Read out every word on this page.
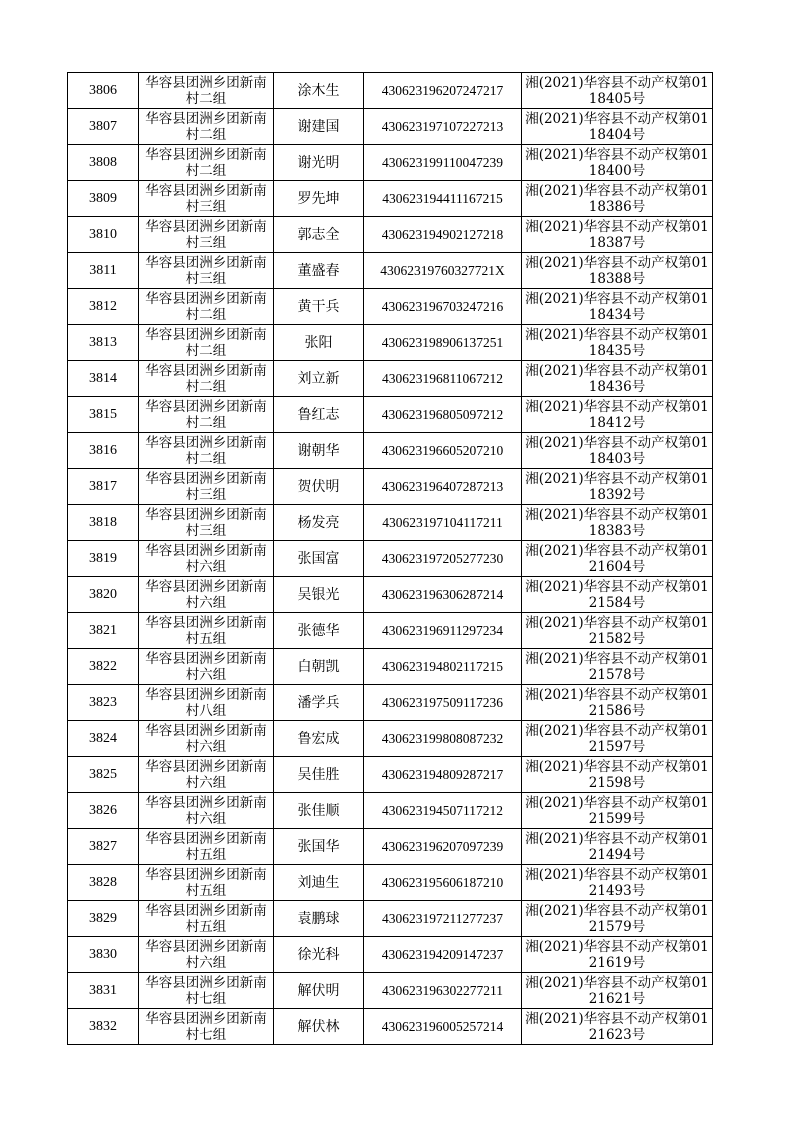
3806	华容县团洲乡团新南村二组	涂木生	430623196207247217	湘(2021)华容县不动产权第0118405号
3807	华容县团洲乡团新南村二组	谢建国	430623197107227213	湘(2021)华容县不动产权第0118404号
3808	华容县团洲乡团新南村二组	谢光明	430623199110047239	湘(2021)华容县不动产权第0118400号
3809	华容县团洲乡团新南村三组	罗先坤	430623194411167215	湘(2021)华容县不动产权第0118386号
3810	华容县团洲乡团新南村三组	郭志全	430623194902127218	湘(2021)华容县不动产权第0118387号
3811	华容县团洲乡团新南村三组	董盛春	43062319760327721X	湘(2021)华容县不动产权第0118388号
3812	华容县团洲乡团新南村二组	黄干兵	430623196703247216	湘(2021)华容县不动产权第0118434号
3813	华容县团洲乡团新南村二组	张阳	430623198906137251	湘(2021)华容县不动产权第0118435号
3814	华容县团洲乡团新南村二组	刘立新	430623196811067212	湘(2021)华容县不动产权第0118436号
3815	华容县团洲乡团新南村二组	鲁红志	430623196805097212	湘(2021)华容县不动产权第0118412号
3816	华容县团洲乡团新南村二组	谢朝华	430623196605207210	湘(2021)华容县不动产权第0118403号
3817	华容县团洲乡团新南村三组	贺伏明	430623196407287213	湘(2021)华容县不动产权第0118392号
3818	华容县团洲乡团新南村三组	杨发亮	430623197104117211	湘(2021)华容县不动产权第0118383号
3819	华容县团洲乡团新南村六组	张国富	430623197205277230	湘(2021)华容县不动产权第0121604号
3820	华容县团洲乡团新南村六组	吴银光	430623196306287214	湘(2021)华容县不动产权第0121584号
3821	华容县团洲乡团新南村五组	张德华	430623196911297234	湘(2021)华容县不动产权第0121582号
3822	华容县团洲乡团新南村六组	白朝凯	430623194802117215	湘(2021)华容县不动产权第0121578号
3823	华容县团洲乡团新南村八组	潘学兵	430623197509117236	湘(2021)华容县不动产权第0121586号
3824	华容县团洲乡团新南村六组	鲁宏成	430623199808087232	湘(2021)华容县不动产权第0121597号
3825	华容县团洲乡团新南村六组	吴佳胜	430623194809287217	湘(2021)华容县不动产权第0121598号
3826	华容县团洲乡团新南村六组	张佳顺	430623194507117212	湘(2021)华容县不动产权第0121599号
3827	华容县团洲乡团新南村五组	张国华	430623196207097239	湘(2021)华容县不动产权第0121494号
3828	华容县团洲乡团新南村五组	刘迪生	430623195606187210	湘(2021)华容县不动产权第0121493号
3829	华容县团洲乡团新南村五组	袁鹏球	430623197211277237	湘(2021)华容县不动产权第0121579号
3830	华容县团洲乡团新南村六组	徐光科	430623194209147237	湘(2021)华容县不动产权第0121619号
3831	华容县团洲乡团新南村七组	解伏明	430623196302277211	湘(2021)华容县不动产权第0121621号
3832	华容县团洲乡团新南村七组	解伏林	430623196005257214	湘(2021)华容县不动产权第0121623号
